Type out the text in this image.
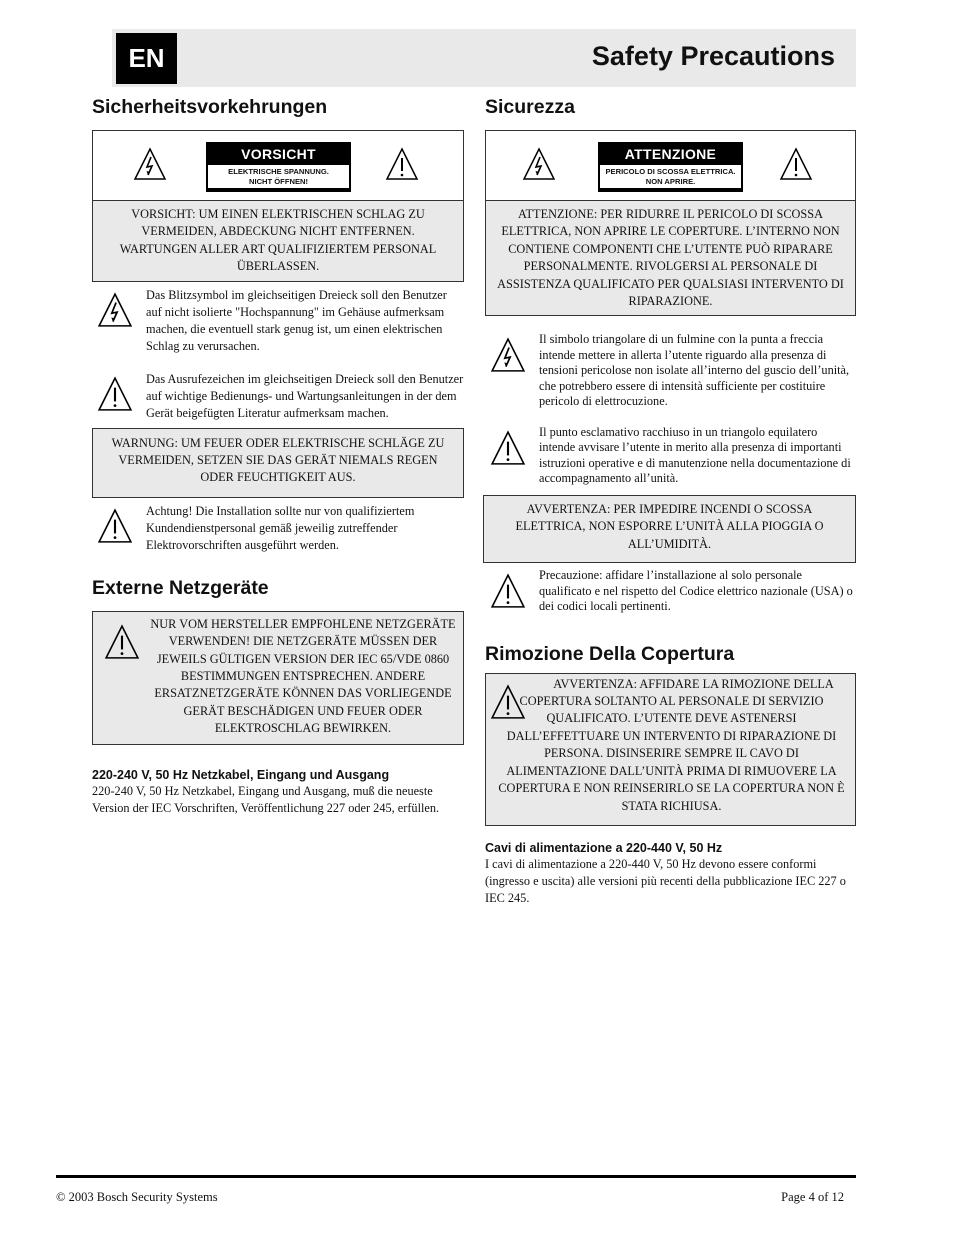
EN	Safety Precautions
Sicherheitsvorkehrungen
VORSICHT
ELEKTRISCHE SPANNUNG.
NICHT ÖFFNEN!
VORSICHT: UM EINEN ELEKTRISCHEN SCHLAG ZU VERMEIDEN, ABDECKUNG NICHT ENTFERNEN. WARTUNGEN ALLER ART QUALIFIZIERTEM PERSONAL ÜBERLASSEN.
Das Blitzsymbol im gleichseitigen Dreieck soll den Benutzer auf nicht isolierte "Hochspannung" im Gehäuse aufmerksam machen, die eventuell stark genug ist, um einen elektrischen Schlag zu verursachen.
Das Ausrufezeichen im gleichseitigen Dreieck soll den Benutzer auf wichtige Bedienungs- und Wartungsanleitungen in der dem Gerät beigefügten Literatur aufmerksam machen.
WARNUNG: UM FEUER ODER ELEKTRISCHE SCHLÄGE ZU VERMEIDEN, SETZEN SIE DAS GERÄT NIEMALS REGEN ODER FEUCHTIGKEIT AUS.
Achtung! Die Installation sollte nur von qualifiziertem Kundendienstpersonal gemäß jeweilig zutreffender Elektrovorschriften ausgeführt werden.
Externe Netzgeräte
NUR VOM HERSTELLER EMPFOHLENE NETZGERÄTE VERWENDEN! DIE NETZGERÄTE MÜSSEN DER JEWEILS GÜLTIGEN VERSION DER IEC 65/VDE 0860 BESTIMMUNGEN ENTSPRECHEN. ANDERE ERSATZNETZGERÄTE KÖNNEN DAS VORLIEGENDE GERÄT BESCHÄDIGEN UND FEUER ODER ELEKTROSCHLAG BEWIRKEN.
220-240 V, 50 Hz Netzkabel, Eingang und Ausgang
220-240 V, 50 Hz Netzkabel, Eingang und Ausgang, muß die neueste Version der IEC Vorschriften, Veröffentlichung 227 oder 245, erfüllen.
Sicurezza
ATTENZIONE
PERICOLO DI SCOSSA ELETTRICA.
NON APRIRE.
ATTENZIONE: PER RIDURRE IL PERICOLO DI SCOSSA ELETTRICA, NON APRIRE LE COPERTURE. L’INTERNO NON CONTIENE COMPONENTI CHE L’UTENTE PUÒ RIPARARE PERSONALMENTE. RIVOLGERSI AL PERSONALE DI ASSISTENZA QUALIFICATO PER QUALSIASI INTERVENTO DI RIPARAZIONE.
Il simbolo triangolare di un fulmine con la punta a freccia intende mettere in allerta l’utente riguardo alla presenza di tensioni pericolose non isolate all’interno del guscio dell’unità, che potrebbero essere di intensità sufficiente per costituire pericolo di elettrocuzione.
Il punto esclamativo racchiuso in un triangolo equilatero intende avvisare l’utente in merito alla presenza di importanti istruzioni operative e di manutenzione nella documentazione di accompagnamento all’unità.
AVVERTENZA: PER IMPEDIRE INCENDI O SCOSSA ELETTRICA, NON ESPORRE L’UNITÀ ALLA PIOGGIA O ALL’UMIDITÀ.
Precauzione: affidare l’installazione al solo personale qualificato e nel rispetto del Codice elettrico nazionale (USA) o dei codici locali pertinenti.
Rimozione Della Copertura
AVVERTENZA: AFFIDARE LA RIMOZIONE DELLA COPERTURA SOLTANTO AL PERSONALE DI SERVIZIO QUALIFICATO. L’UTENTE DEVE ASTENERSI DALL’EFFETTUARE UN INTERVENTO DI RIPARAZIONE DI PERSONA. DISINSERIRE SEMPRE IL CAVO DI ALIMENTAZIONE DALL’UNITÀ PRIMA DI RIMUOVERE LA COPERTURA E NON REINSERIRLO SE LA COPERTURA NON È STATA RICHIUSA.
Cavi di alimentazione a 220-440 V, 50 Hz
I cavi di alimentazione a 220-440 V, 50 Hz devono essere conformi (ingresso e uscita) alle versioni più recenti della pubblicazione IEC 227 o IEC 245.
© 2003 Bosch Security Systems	Page 4 of 12
